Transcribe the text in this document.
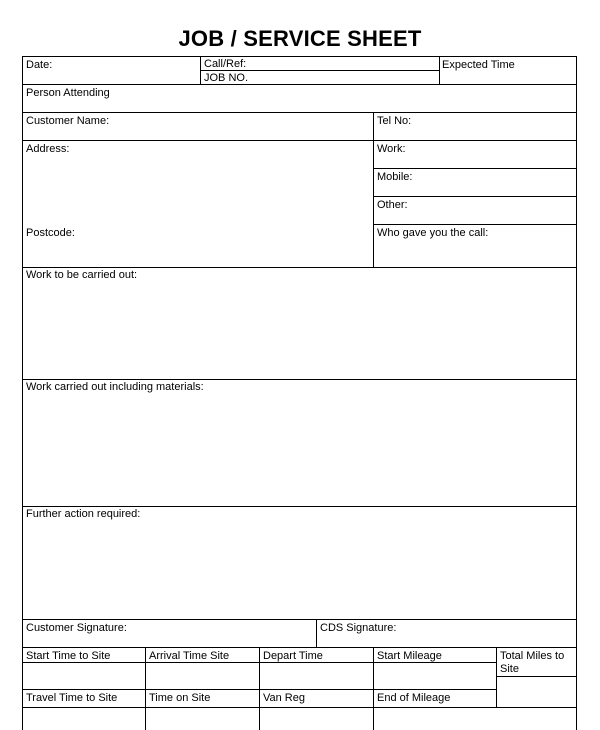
JOB / SERVICE SHEET
Date:	Call/Ref:
JOB NO.
Expected Time
Person Attending
Customer Name:	Tel No:
Address:	Work:
Mobile:
Other:
Postcode:	Who gave you the call:
Work to be carried out:
Work carried out including materials:
Further action required:
Customer Signature:	CDS Signature:
Start Time to Site	Arrival Time Site	Depart Time	Start Mileage	Total Miles to Site
Travel Time to Site	Time on Site	Van Reg	End of Mileage
